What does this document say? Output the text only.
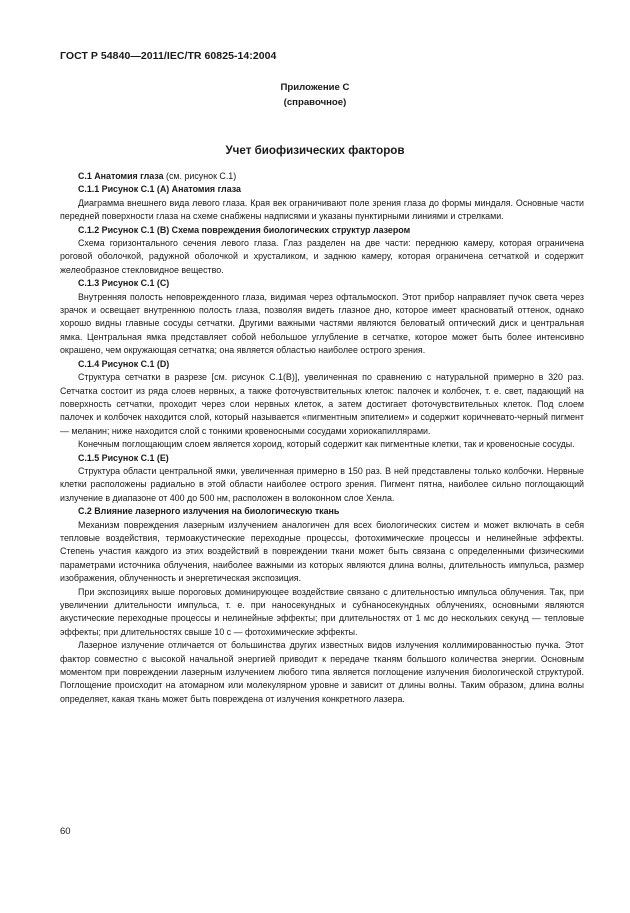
ГОСТ Р 54840—2011/IEC/TR 60825-14:2004
Приложение С
(справочное)
Учет биофизических факторов

С.1 Анатомия глаза (см. рисунок С.1)

С.1.1 Рисунок С.1 (А) Анатомия глаза

Диаграмма внешнего вида левого глаза. Края век ограничивают поле зрения глаза до формы миндаля. Основные части передней поверхности глаза на схеме снабжены надписями и указаны пунктирными линиями и стрелками.

С.1.2 Рисунок С.1 (В) Схема повреждения биологических структур лазером

Схема горизонтального сечения левого глаза. Глаз разделен на две части: переднюю камеру, которая ограничена роговой оболочкой, радужной оболочкой и хрусталиком, и заднюю камеру, которая ограничена сетчаткой и содержит желеобразное стекловидное вещество.

С.1.3 Рисунок С.1 (С)

Внутренняя полость неповрежденного глаза, видимая через офтальмоскоп. Этот прибор направляет пучок света через зрачок и освещает внутреннюю полость глаза, позволяя видеть глазное дно, которое имеет красноватый оттенок, однако хорошо видны главные сосуды сетчатки. Другими важными частями являются беловатый оптический диск и центральная ямка. Центральная ямка представляет собой небольшое углубление в сетчатке, которое может быть более интенсивно окрашено, чем окружающая сетчатка; она является областью наиболее острого зрения.

С.1.4 Рисунок С.1 (D)

Структура сетчатки в разрезе [см. рисунок С.1(В)], увеличенная по сравнению с натуральной примерно в 320 раз. Сетчатка состоит из ряда слоев нервных, а также фоточувствительных клеток: палочек и колбочек, т. е. свет, падающий на поверхность сетчатки, проходит через слои нервных клеток, а затем достигает фоточувствительных клеток. Под слоем палочек и колбочек находится слой, который называется «пигментным эпителием» и содержит коричневато-черный пигмент — меланин; ниже находится слой с тонкими кровеносными сосудами хориокапиллярами.

Конечным поглощающим слоем является хороид, который содержит как пигментные клетки, так и кровеносные сосуды.

С.1.5 Рисунок С.1 (Е)

Структура области центральной ямки, увеличенная примерно в 150 раз. В ней представлены только колбочки. Нервные клетки расположены радиально в этой области наиболее острого зрения. Пигмент пятна, наиболее сильно поглощающий излучение в диапазоне от 400 до 500 нм, расположен в волоконном слое Хенла.

С.2 Влияние лазерного излучения на биологическую ткань

Механизм повреждения лазерным излучением аналогичен для всех биологических систем и может включать в себя тепловые воздействия, термоакустические переходные процессы, фотохимические процессы и нелинейные эффекты. Степень участия каждого из этих воздействий в повреждении ткани может быть связана с определенными физическими параметрами источника облучения, наиболее важными из которых являются длина волны, длительность импульса, размер изображения, облученность и энергетическая экспозиция.

При экспозициях выше пороговых доминирующее воздействие связано с длительностью импульса облучения. Так, при увеличении длительности импульса, т. е. при наносекундных и субнаносекундных облучениях, основными являются акустические переходные процессы и нелинейные эффекты; при длительностях от 1 мс до нескольких секунд — тепловые эффекты; при длительностях свыше 10 с — фотохимические эффекты.

Лазерное излучение отличается от большинства других известных видов излучения коллимированностью пучка. Этот фактор совместно с высокой начальной энергией приводит к передаче тканям большого количества энергии. Основным моментом при повреждении лазерным излучением любого типа является поглощение излучения биологической структурой. Поглощение происходит на атомарном или молекулярном уровне и зависит от длины волны. Таким образом, длина волны определяет, какая ткань может быть повреждена от излучения конкретного лазера.

60
